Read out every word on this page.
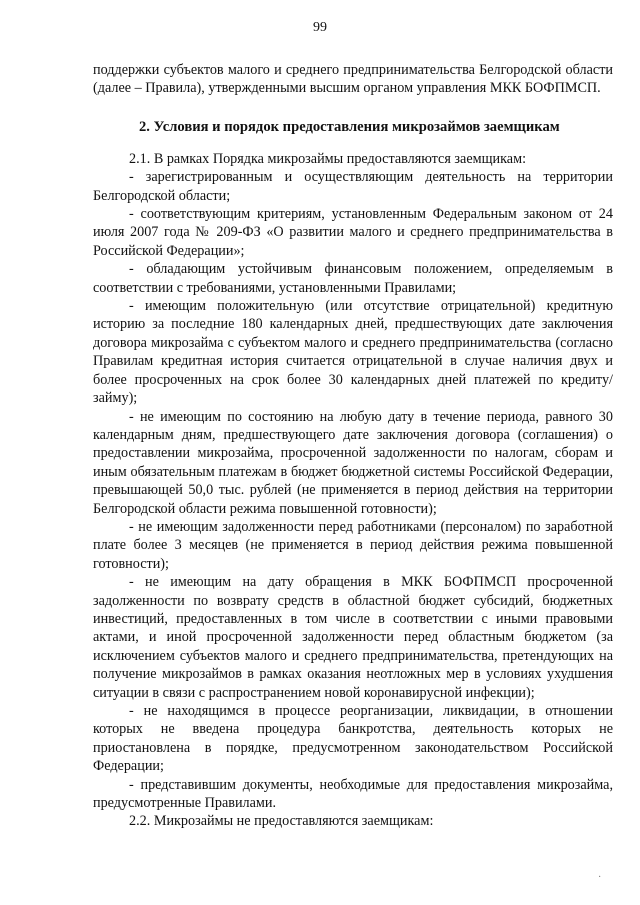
99

поддержки субъектов малого и среднего предпринимательства Белгородской области (далее – Правила), утвержденными высшим органом управления МКК БОФПМСП.

2. Условия и порядок предоставления микрозаймов заемщикам

2.1. В рамках Порядка микрозаймы предоставляются заемщикам:

- зарегистрированным и осуществляющим деятельность на территории Белгородской области;

- соответствующим критериям, установленным Федеральным законом от 24 июля 2007 года № 209-ФЗ «О развитии малого и среднего предпринимательства в Российской Федерации»;

- обладающим устойчивым финансовым положением, определяемым в соответствии с требованиями, установленными Правилами;

- имеющим положительную (или отсутствие отрицательной) кредитную историю за последние 180 календарных дней, предшествующих дате заключения договора микрозайма с субъектом малого и среднего предпринимательства (согласно Правилам кредитная история считается отрицательной в случае наличия двух и более просроченных на срок более 30 календарных дней платежей по кредиту/займу);

- не имеющим по состоянию на любую дату в течение периода, равного 30 календарным дням, предшествующего дате заключения договора (соглашения) о предоставлении микрозайма, просроченной задолженности по налогам, сборам и иным обязательным платежам в бюджет бюджетной системы Российской Федерации, превышающей 50,0 тыс. рублей (не применяется в период действия на территории Белгородской области режима повышенной готовности);

- не имеющим задолженности перед работниками (персоналом) по заработной плате более 3 месяцев (не применяется в период действия режима повышенной готовности);

- не имеющим на дату обращения в МКК БОФПМСП просроченной задолженности по возврату средств в областной бюджет субсидий, бюджетных инвестиций, предоставленных в том числе в соответствии с иными правовыми актами, и иной просроченной задолженности перед областным бюджетом (за исключением субъектов малого и среднего предпринимательства, претендующих на получение микрозаймов в рамках оказания неотложных мер в условиях ухудшения ситуации в связи с распространением новой коронавирусной инфекции);

- не находящимся в процессе реорганизации, ликвидации, в отношении которых не введена процедура банкротства, деятельность которых не приостановлена в порядке, предусмотренном законодательством Российской Федерации;

- представившим документы, необходимые для предоставления микрозайма, предусмотренные Правилами.

2.2. Микрозаймы не предоставляются заемщикам:

·
